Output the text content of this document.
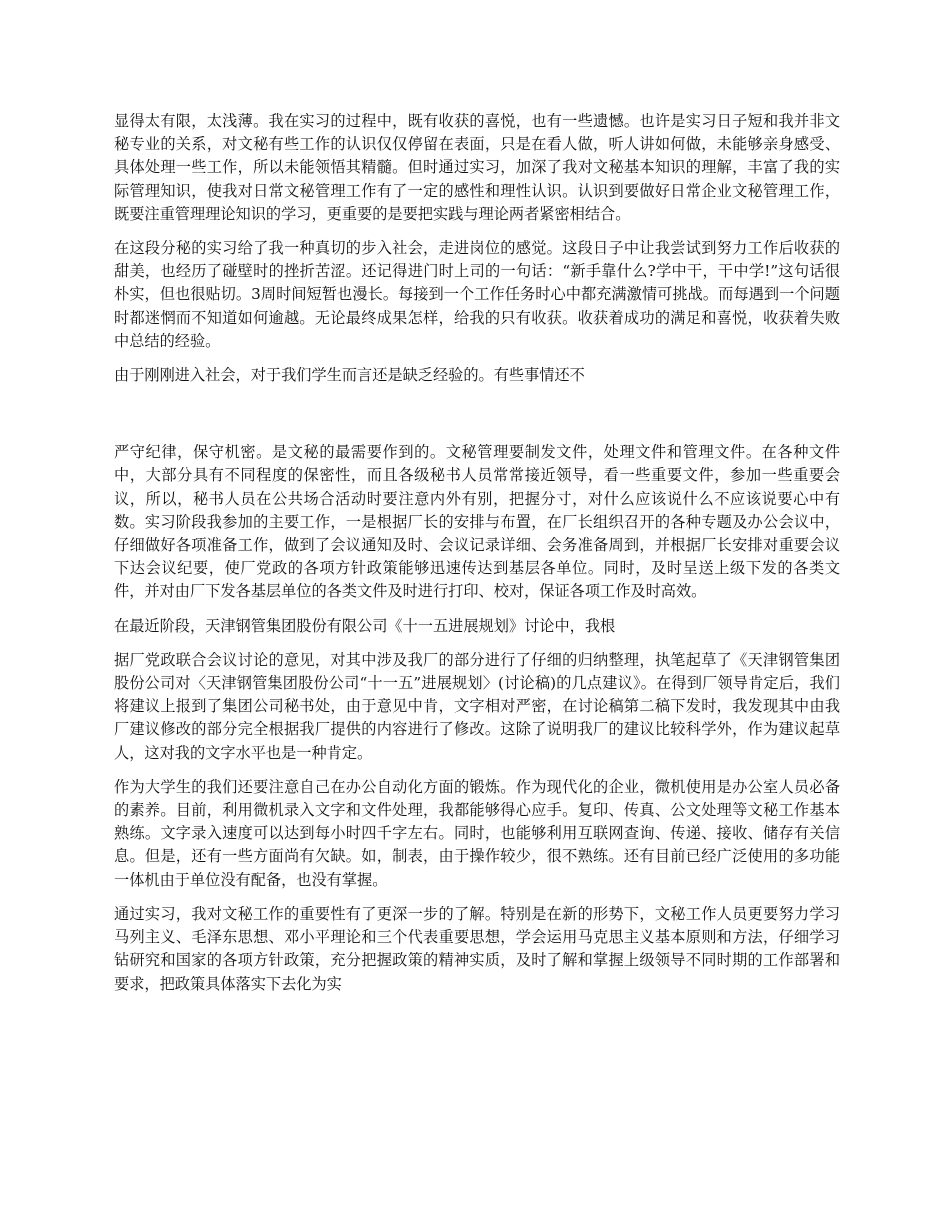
显得太有限，太浅薄。我在实习的过程中，既有收获的喜悦，也有一些遗憾。也许是实习日子短和我并非文秘专业的关系，对文秘有些工作的认识仅仅停留在表面，只是在看人做，听人讲如何做，未能够亲身感受、具体处理一些工作，所以未能领悟其精髓。但时通过实习，加深了我对文秘基本知识的理解，丰富了我的实际管理知识，使我对日常文秘管理工作有了一定的感性和理性认识。认识到要做好日常企业文秘管理工作，既要注重管理理论知识的学习，更重要的是要把实践与理论两者紧密相结合。

在这段分秘的实习给了我一种真切的步入社会，走进岗位的感觉。这段日子中让我尝试到努力工作后收获的甜美，也经历了碰壁时的挫折苦涩。还记得进门时上司的一句话：“新手靠什么?学中干，干中学!”这句话很朴实，但也很贴切。3周时间短暂也漫长。每接到一个工作任务时心中都充满激情可挑战。而每遇到一个问题时都迷惘而不知道如何逾越。无论最终成果怎样，给我的只有收获。收获着成功的满足和喜悦，收获着失败中总结的经验。

由于刚刚进入社会，对于我们学生而言还是缺乏经验的。有些事情还不

严守纪律，保守机密。是文秘的最需要作到的。文秘管理要制发文件，处理文件和管理文件。在各种文件中，大部分具有不同程度的保密性，而且各级秘书人员常常接近领导，看一些重要文件，参加一些重要会议，所以，秘书人员在公共场合活动时要注意内外有别，把握分寸，对什么应该说什么不应该说要心中有数。实习阶段我参加的主要工作，一是根据厂长的安排与布置，在厂长组织召开的各种专题及办公会议中，仔细做好各项准备工作，做到了会议通知及时、会议记录详细、会务准备周到，并根据厂长安排对重要会议下达会议纪要，使厂党政的各项方针政策能够迅速传达到基层各单位。同时，及时呈送上级下发的各类文件，并对由厂下发各基层单位的各类文件及时进行打印、校对，保证各项工作及时高效。

在最近阶段，天津钢管集团股份有限公司《十一五进展规划》讨论中，我根

据厂党政联合会议讨论的意见，对其中涉及我厂的部分进行了仔细的归纳整理，执笔起草了《天津钢管集团股份公司对〈天津钢管集团股份公司“十一五”进展规划〉(讨论稿)的几点建议》。在得到厂领导肯定后，我们将建议上报到了集团公司秘书处，由于意见中肯，文字相对严密，在讨论稿第二稿下发时，我发现其中由我厂建议修改的部分完全根据我厂提供的内容进行了修改。这除了说明我厂的建议比较科学外，作为建议起草人，这对我的文字水平也是一种肯定。

作为大学生的我们还要注意自己在办公自动化方面的锻炼。作为现代化的企业，微机使用是办公室人员必备的素养。目前，利用微机录入文字和文件处理，我都能够得心应手。复印、传真、公文处理等文秘工作基本熟练。文字录入速度可以达到每小时四千字左右。同时，也能够利用互联网查询、传递、接收、储存有关信息。但是，还有一些方面尚有欠缺。如，制表，由于操作较少，很不熟练。还有目前已经广泛使用的多功能一体机由于单位没有配备，也没有掌握。

通过实习，我对文秘工作的重要性有了更深一步的了解。特别是在新的形势下，文秘工作人员更要努力学习马列主义、毛泽东思想、邓小平理论和三个代表重要思想，学会运用马克思主义基本原则和方法，仔细学习钻研究和国家的各项方针政策，充分把握政策的精神实质，及时了解和掌握上级领导不同时期的工作部署和要求，把政策具体落实下去化为实
